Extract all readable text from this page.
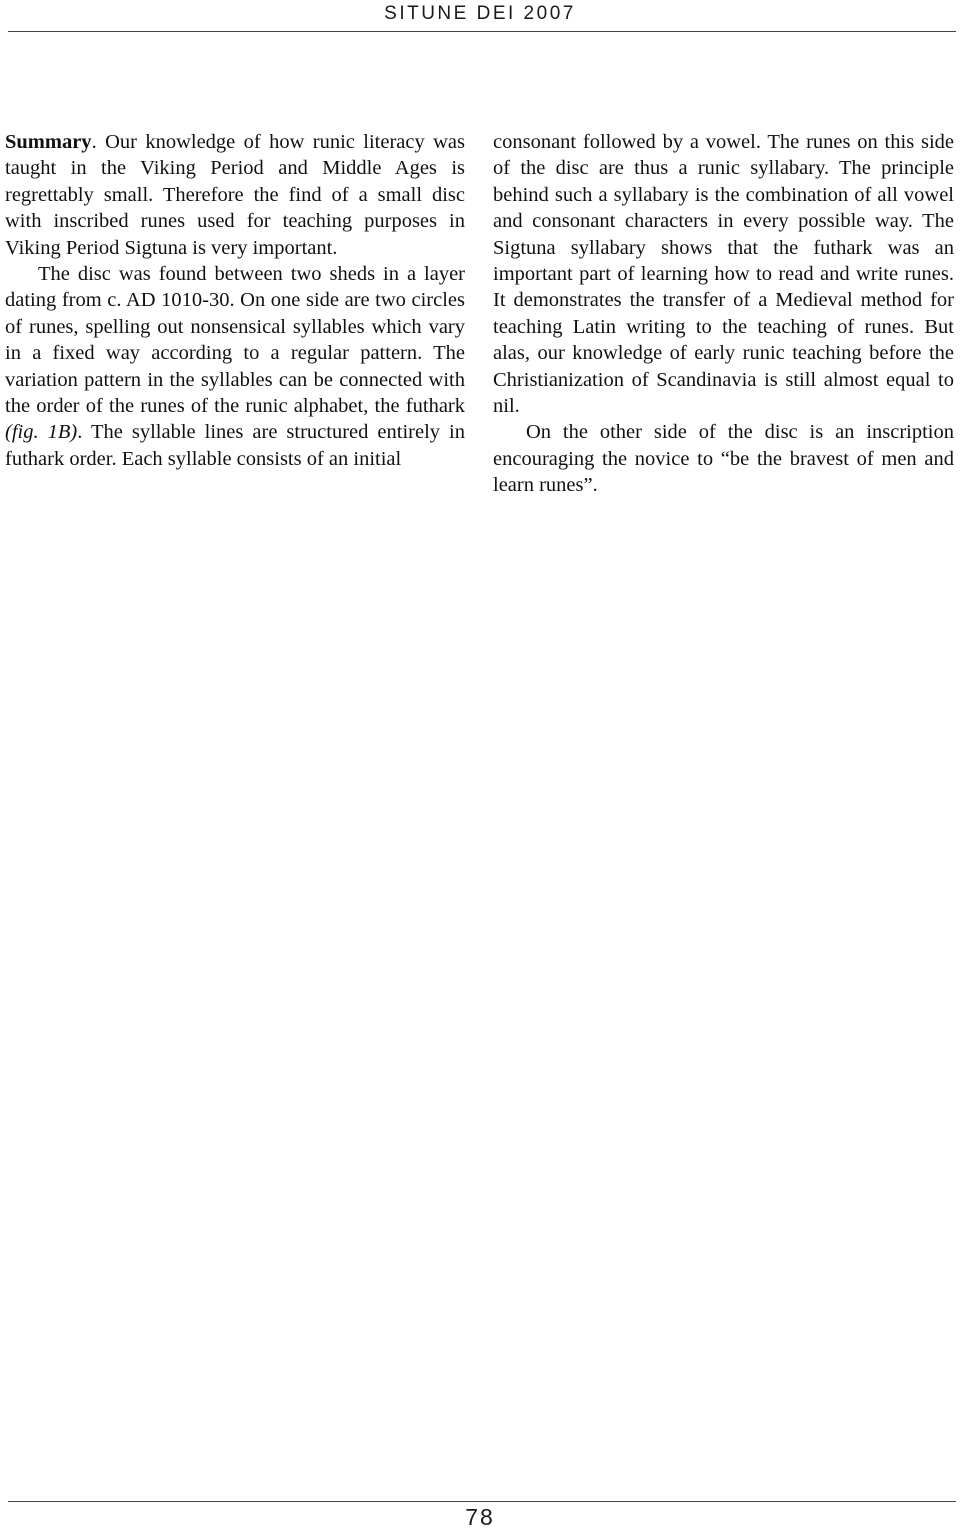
SITUNE DEI 2007

Summary. Our knowledge of how runic literacy was taught in the Viking Period and Middle Ages is regrettably small. Therefore the find of a small disc with inscribed runes used for teaching purposes in Viking Period Sigtuna is very important.

The disc was found between two sheds in a layer dating from c. AD 1010-30. On one side are two circles of runes, spelling out nonsensical syllables which vary in a fixed way according to a regular pattern. The variation pattern in the syllables can be connected with the order of the runes of the runic alphabet, the futhark (fig. 1B). The syllable lines are structured entirely in futhark order. Each syllable consists of an initial

consonant followed by a vowel. The runes on this side of the disc are thus a runic syllabary. The principle behind such a syllabary is the combination of all vowel and consonant characters in every possible way. The Sigtuna syllabary shows that the futhark was an important part of learning how to read and write runes. It demonstrates the transfer of a Medieval method for teaching Latin writing to the teaching of runes. But alas, our knowledge of early runic teaching before the Christianization of Scandinavia is still almost equal to nil.

On the other side of the disc is an inscription encouraging the novice to “be the bravest of men and learn runes”.

78
